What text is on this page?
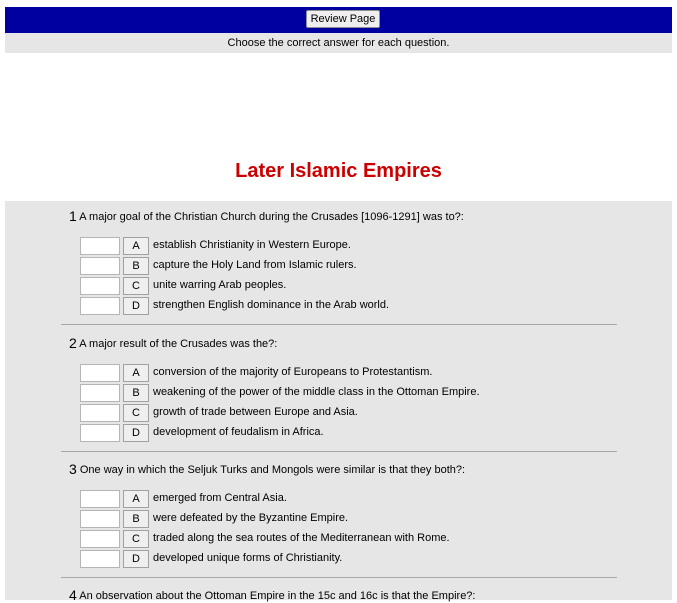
Review Page
Choose the correct answer for each question.
Later Islamic Empires
1 A major goal of the Christian Church during the Crusades [1096-1291] was to?:
A	establish Christianity in Western Europe.
B	capture the Holy Land from Islamic rulers.
C	unite warring Arab peoples.
D	strengthen English dominance in the Arab world.
2 A major result of the Crusades was the?:
A	conversion of the majority of Europeans to Protestantism.
B	weakening of the power of the middle class in the Ottoman Empire.
C	growth of trade between Europe and Asia.
D	development of feudalism in Africa.
3 One way in which the Seljuk Turks and Mongols were similar is that they both?:
A	emerged from Central Asia.
B	were defeated by the Byzantine Empire.
C	traded along the sea routes of the Mediterranean with Rome.
D	developed unique forms of Christianity.
4 An observation about the Ottoman Empire in the 15c and 16c is that the Empire?:
